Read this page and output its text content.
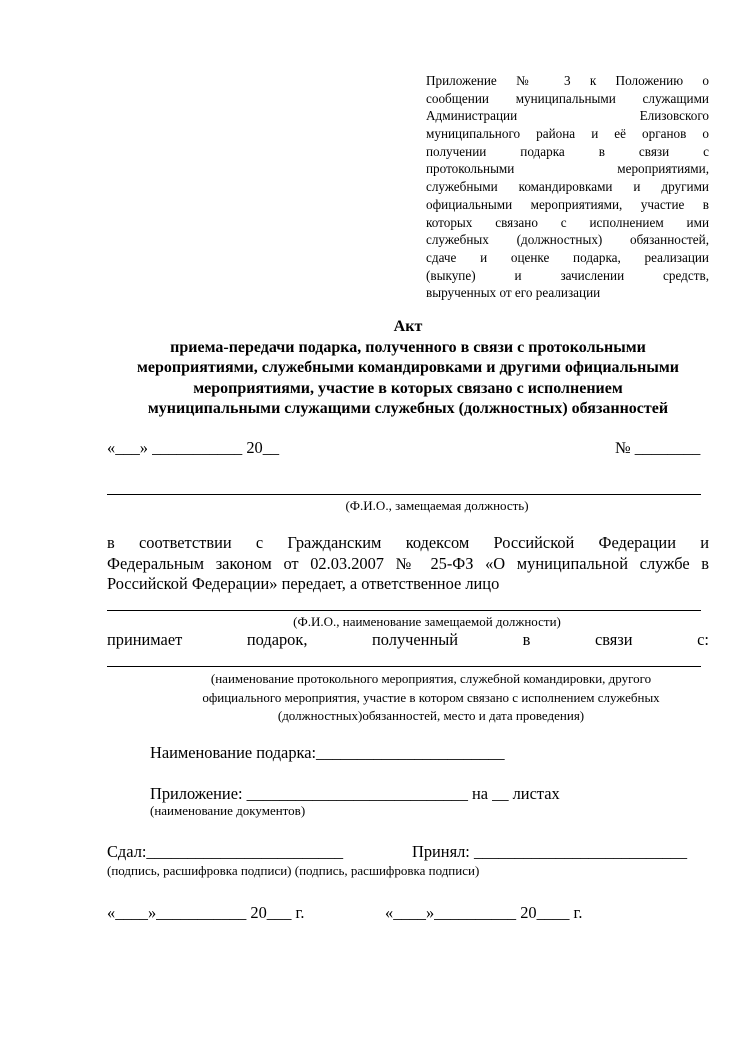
Приложение № 3 к Положению о
сообщении муниципальными служащими
Администрации Елизовского
муниципального района и её органов о
получении подарка в связи с
протокольными мероприятиями,
служебными командировками и другими
официальными мероприятиями, участие в
которых связано с исполнением ими
служебных (должностных) обязанностей,
сдаче и оценке подарка, реализации
(выкупе) и зачислении средств,
вырученных от его реализации
Акт
приема-передачи подарка, полученного в связи с протокольными
мероприятиями, служебными командировками и другими официальными
мероприятиями, участие в которых связано с исполнением
муниципальными служащими служебных (должностных) обязанностей
«___» ___________ 20__	№ ________
(Ф.И.О., замещаемая должность)
в соответствии с Гражданским кодексом Российской Федерации и
Федеральным законом от 02.03.2007 № 25-ФЗ «О муниципальной службе в
Российской Федерации» передает, а ответственное лицо
(Ф.И.О., наименование замещаемой должности)
принимает подарок, полученный в связи с:
(наименование протокольного мероприятия, служебной командировки, другого
официального мероприятия, участие в котором связано с исполнением служебных
(должностных)обязанностей, место и дата проведения)
Наименование подарка:_______________________
Приложение: ___________________________ на __ листах
(наименование документов)
Сдал:________________________	Принял: __________________________
(подпись, расшифровка подписи) (подпись, расшифровка подписи)
«____»___________ 20___ г.	«____»__________ 20____ г.
